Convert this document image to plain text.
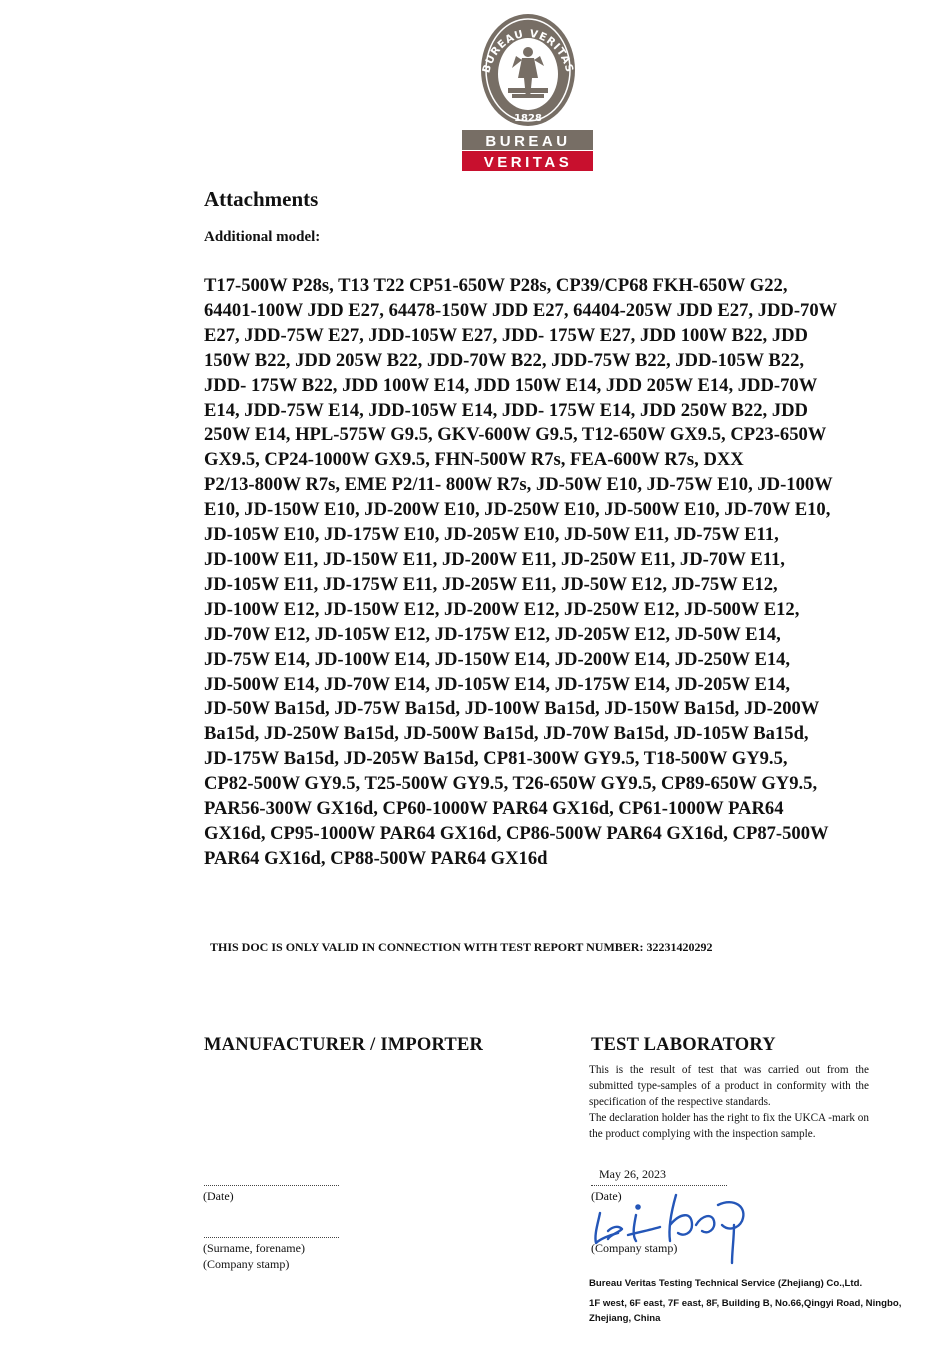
BUREAU VERITAS
1828
BUREAU
VERITAS
Attachments
Additional model:
T17-500W P28s, T13 T22 CP51-650W P28s, CP39/CP68 FKH-650W G22,
64401-100W JDD E27, 64478-150W JDD E27, 64404-205W JDD E27, JDD-70W
E27, JDD-75W E27, JDD-105W E27, JDD- 175W E27, JDD 100W B22, JDD
150W B22, JDD 205W B22, JDD-70W B22, JDD-75W B22, JDD-105W B22,
JDD- 175W B22, JDD 100W E14, JDD 150W E14, JDD 205W E14, JDD-70W
E14, JDD-75W E14, JDD-105W E14, JDD- 175W E14, JDD 250W B22, JDD
250W E14, HPL-575W G9.5, GKV-600W G9.5, T12-650W GX9.5, CP23-650W
GX9.5, CP24-1000W GX9.5, FHN-500W R7s, FEA-600W R7s, DXX
P2/13-800W R7s, EME P2/11- 800W R7s, JD-50W E10, JD-75W E10, JD-100W
E10, JD-150W E10, JD-200W E10, JD-250W E10, JD-500W E10, JD-70W E10,
JD-105W E10, JD-175W E10, JD-205W E10, JD-50W E11, JD-75W E11,
JD-100W E11, JD-150W E11, JD-200W E11, JD-250W E11, JD-70W E11,
JD-105W E11, JD-175W E11, JD-205W E11, JD-50W E12, JD-75W E12,
JD-100W E12, JD-150W E12, JD-200W E12, JD-250W E12, JD-500W E12,
JD-70W E12, JD-105W E12, JD-175W E12, JD-205W E12, JD-50W E14,
JD-75W E14, JD-100W E14, JD-150W E14, JD-200W E14, JD-250W E14,
JD-500W E14, JD-70W E14, JD-105W E14, JD-175W E14, JD-205W E14,
JD-50W Ba15d, JD-75W Ba15d, JD-100W Ba15d, JD-150W Ba15d, JD-200W
Ba15d, JD-250W Ba15d, JD-500W Ba15d, JD-70W Ba15d, JD-105W Ba15d,
JD-175W Ba15d, JD-205W Ba15d, CP81-300W GY9.5, T18-500W GY9.5,
CP82-500W GY9.5, T25-500W GY9.5, T26-650W GY9.5, CP89-650W GY9.5,
PAR56-300W GX16d, CP60-1000W PAR64 GX16d, CP61-1000W PAR64
GX16d, CP95-1000W PAR64 GX16d, CP86-500W PAR64 GX16d, CP87-500W
PAR64 GX16d, CP88-500W PAR64 GX16d
THIS DOC IS ONLY VALID IN CONNECTION WITH TEST REPORT NUMBER: 32231420292
MANUFACTURER / IMPORTER
(Date)
(Surname, forename)
(Company stamp)
TEST LABORATORY

This is the result of test that was carried out from the submitted type-samples of a product in conformity with the specification of the respective standards.

The declaration holder has the right to fix the UKCA -mark on the product complying with the inspection sample.

May 26, 2023
(Date)
(Company stamp)
Bureau Veritas Testing Technical Service (Zhejiang) Co.,Ltd.
1F west, 6F east, 7F east, 8F, Building B, No.66,Qingyi Road, Ningbo,
Zhejiang, China
